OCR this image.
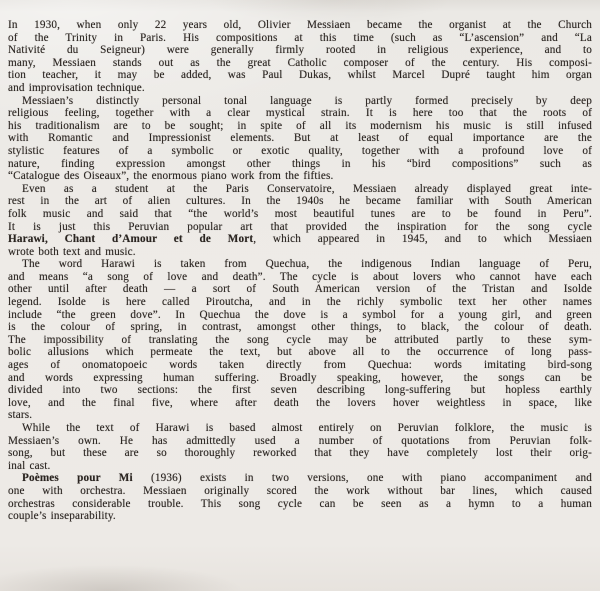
In 1930, when only 22 years old, Olivier Messiaen became the organist at the Church
of the Trinity in Paris. His compositions at this time (such as “L’ascension” and “La
Nativité du Seigneur) were generally firmly rooted in religious experience, and to
many, Messiaen stands out as the great Catholic composer of the century. His composi-
tion teacher, it may be added, was Paul Dukas, whilst Marcel Dupré taught him organ
and improvisation technique.
Messiaen’s distinctly personal tonal language is partly formed precisely by deep
religious feeling, together with a clear mystical strain. It is here too that the roots of
his traditionalism are to be sought; in spite of all its modernism his music is still infused
with Romantic and Impressionist elements. But at least of equal importance are the
stylistic features of a symbolic or exotic quality, together with a profound love of
nature, finding expression amongst other things in his “bird compositions” such as
“Catalogue des Oiseaux”, the enormous piano work from the fifties.
Even as a student at the Paris Conservatoire, Messiaen already displayed great inte-
rest in the art of alien cultures. In the 1940s he became familiar with South American
folk music and said that “the world’s most beautiful tunes are to be found in Peru”.
It is just this Peruvian popular art that provided the inspiration for the song cycle
Harawi, Chant d’Amour et de Mort, which appeared in 1945, and to which Messiaen
wrote both text and music.
The word Harawi is taken from Quechua, the indigenous Indian language of Peru,
and means “a song of love and death”. The cycle is about lovers who cannot have each
other until after death — a sort of South American version of the Tristan and Isolde
legend. Isolde is here called Piroutcha, and in the richly symbolic text her other names
include “the green dove”. In Quechua the dove is a symbol for a young girl, and green
is the colour of spring, in contrast, amongst other things, to black, the colour of death.
The impossibility of translating the song cycle may be attributed partly to these sym-
bolic allusions which permeate the text, but above all to the occurrence of long pass-
ages of onomatopoeic words taken directly from Quechua: words imitating bird-song
and words expressing human suffering. Broadly speaking, however, the songs can be
divided into two sections: the first seven describing long-suffering but hopless earthly
love, and the final five, where after death the lovers hover weightless in space, like
stars.
While the text of Harawi is based almost entirely on Peruvian folklore, the music is
Messiaen’s own. He has admittedly used a number of quotations from Peruvian folk-
song, but these are so thoroughly reworked that they have completely lost their orig-
inal cast.
Poèmes pour Mi (1936) exists in two versions, one with piano accompaniment and
one with orchestra. Messiaen originally scored the work without bar lines, which caused
orchestras considerable trouble. This song cycle can be seen as a hymn to a human
couple’s inseparability.
